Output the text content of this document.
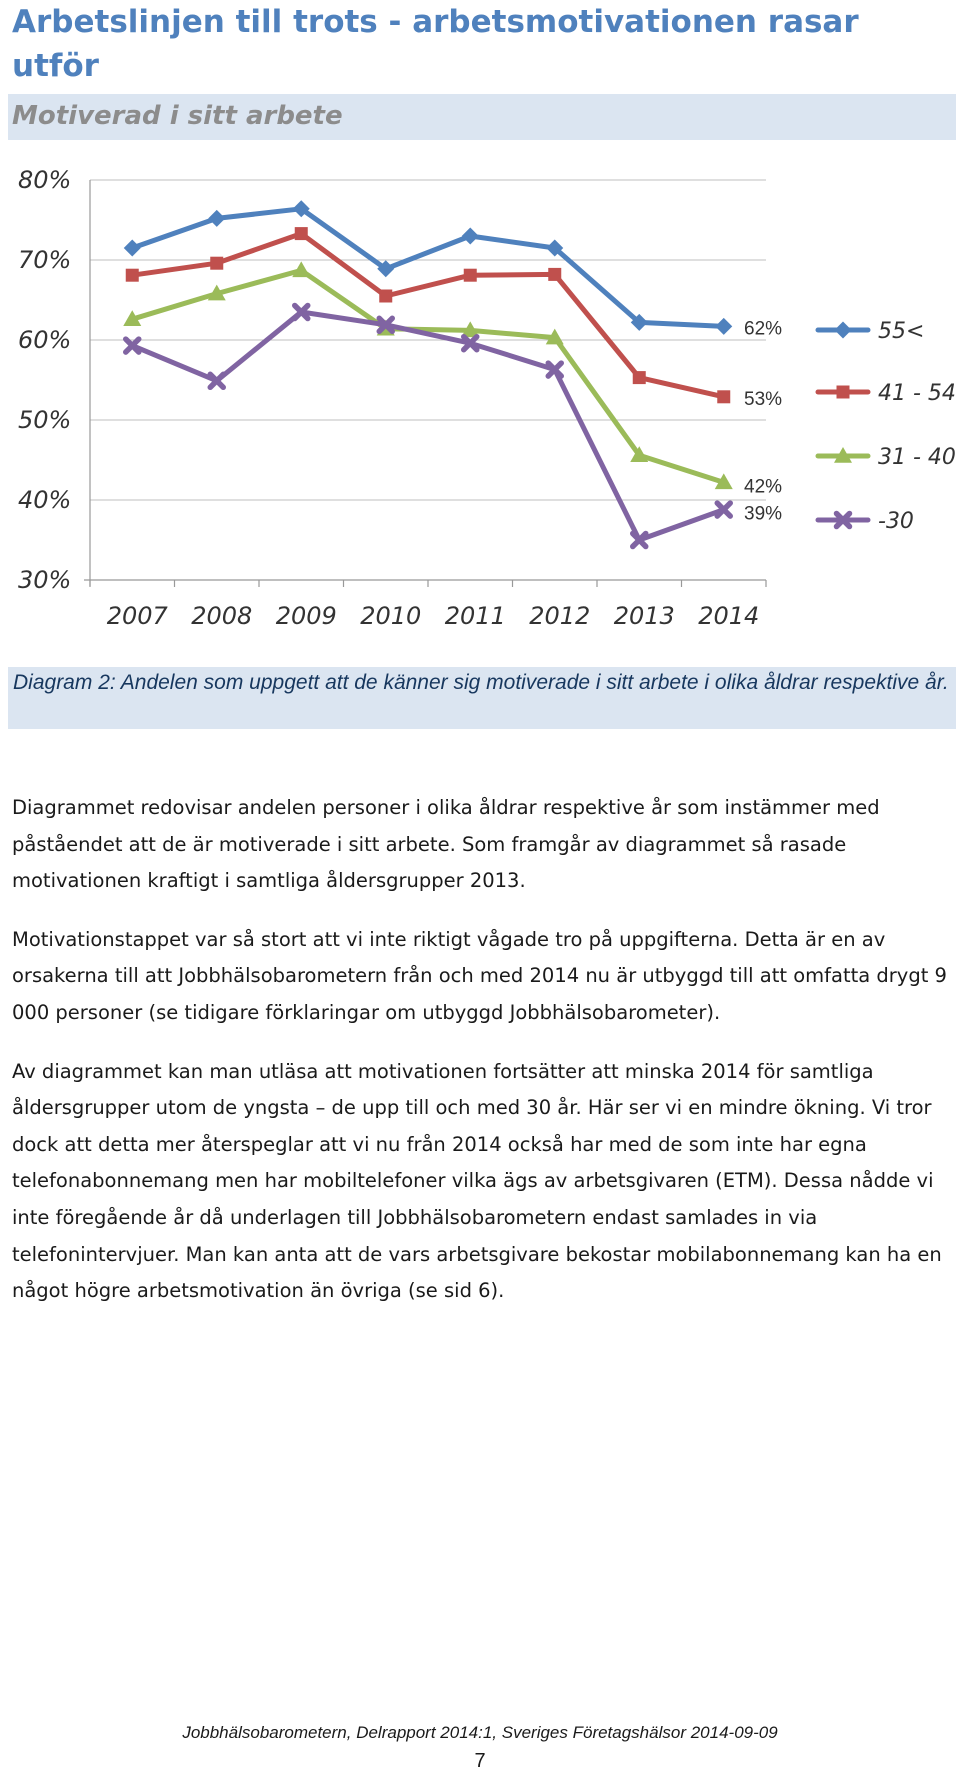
Arbetslinjen till trots - arbetsmotivationen rasar utför
Motiverad i sitt arbete
80%
70%
60%
50%
40%
30%
2007 2008 2009 2010 2011 2012 2013 2014
62%
53%
42%
39%
55<
41 - 54
31 - 40
-30

Diagram 2: Andelen som uppgett att de känner sig motiverade i sitt arbete i olika åldrar respektive år.

Diagrammet redovisar andelen personer i olika åldrar respektive år som instämmer med påståendet att de är motiverade i sitt arbete. Som framgår av diagrammet så rasade motivationen kraftigt i samtliga åldersgrupper 2013.

Motivationstappet var så stort att vi inte riktigt vågade tro på uppgifterna. Detta är en av orsakerna till att Jobbhälsobarometern från och med 2014 nu är utbyggd till att omfatta drygt 9 000 personer (se tidigare förklaringar om utbyggd Jobbhälsobarometer).

Av diagrammet kan man utläsa att motivationen fortsätter att minska 2014 för samtliga åldersgrupper utom de yngsta – de upp till och med 30 år. Här ser vi en mindre ökning. Vi tror dock att detta mer återspeglar att vi nu från 2014 också har med de som inte har egna telefonabonnemang men har mobiltelefoner vilka ägs av arbetsgivaren (ETM). Dessa nådde vi inte föregående år då underlagen till Jobbhälsobarometern endast samlades in via telefonintervjuer. Man kan anta att de vars arbetsgivare bekostar mobilabonnemang kan ha en något högre arbetsmotivation än övriga (se sid 6).

Jobbhälsobarometern, Delrapport 2014:1, Sveriges Företagshälsor 2014-09-09
7
